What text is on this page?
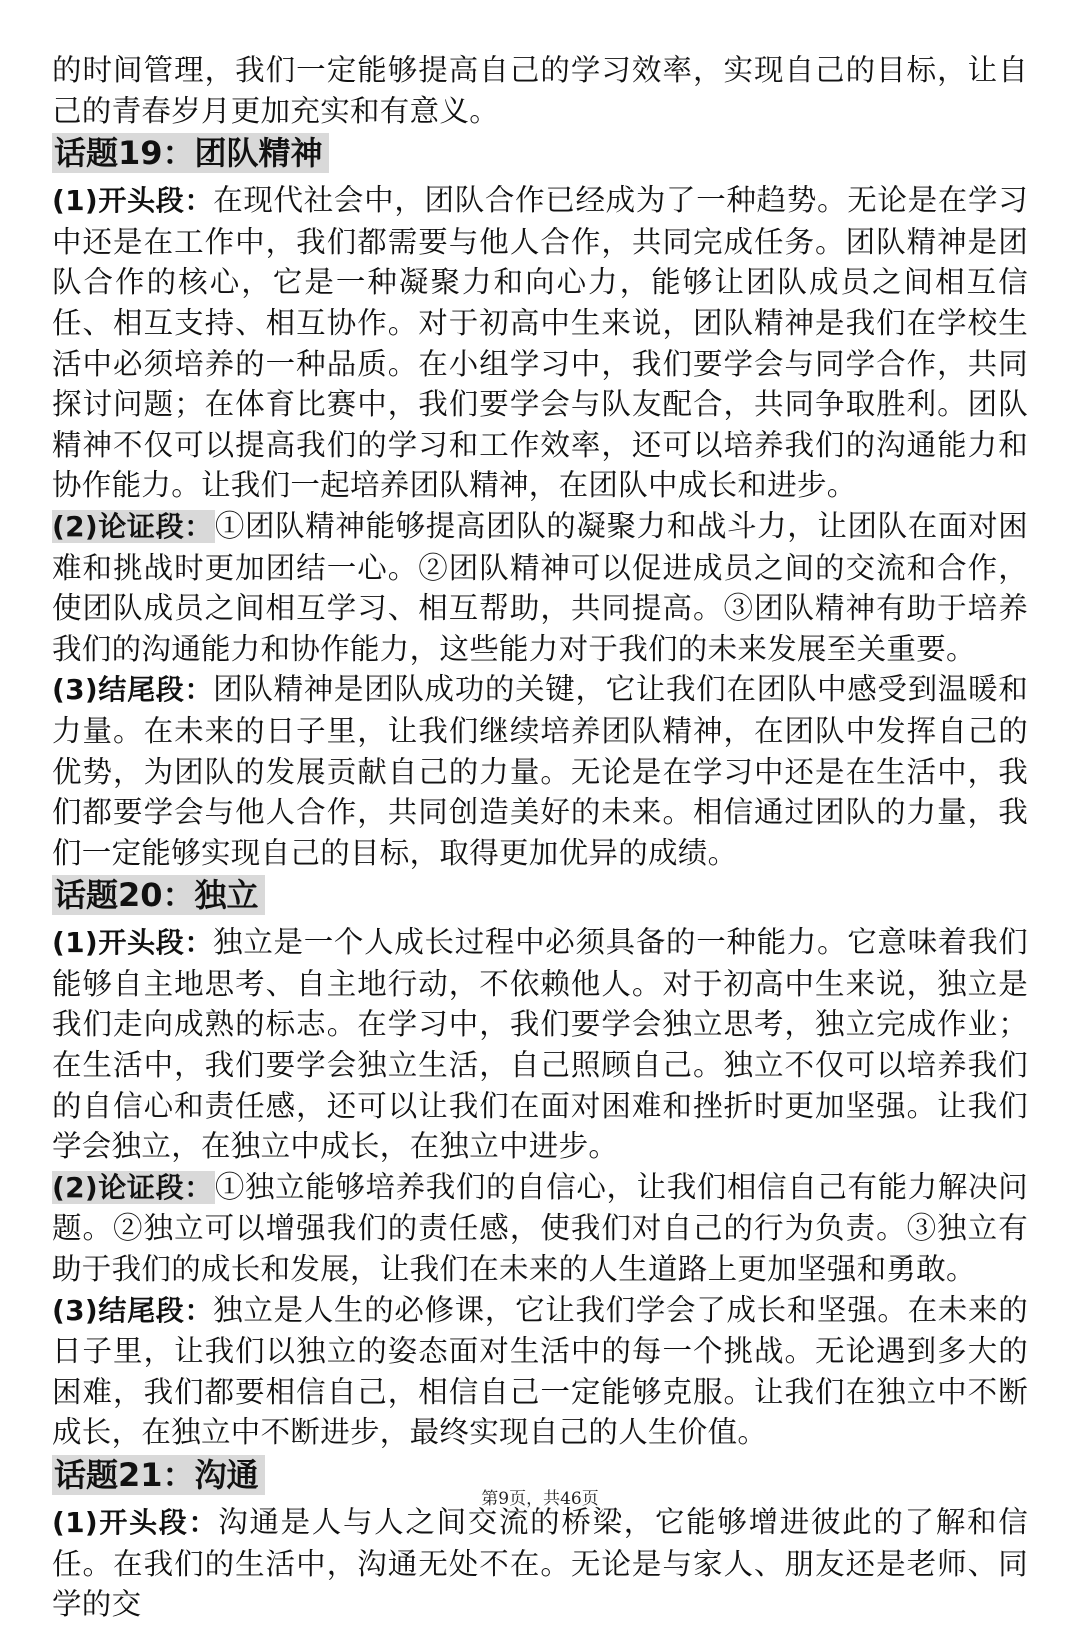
的时间管理，我们一定能够提高自己的学习效率，实现自己的目标，让自己的青春岁月更加充实和有意义。

话题19：团队精神

(1)开头段：在现代社会中，团队合作已经成为了一种趋势。无论是在学习中还是在工作中，我们都需要与他人合作，共同完成任务。团队精神是团队合作的核心，它是一种凝聚力和向心力，能够让团队成员之间相互信任、相互支持、相互协作。对于初高中生来说，团队精神是我们在学校生活中必须培养的一种品质。在小组学习中，我们要学会与同学合作，共同探讨问题；在体育比赛中，我们要学会与队友配合，共同争取胜利。团队精神不仅可以提高我们的学习和工作效率，还可以培养我们的沟通能力和协作能力。让我们一起培养团队精神，在团队中成长和进步。

(2)论证段：①团队精神能够提高团队的凝聚力和战斗力，让团队在面对困难和挑战时更加团结一心。②团队精神可以促进成员之间的交流和合作，使团队成员之间相互学习、相互帮助，共同提高。③团队精神有助于培养我们的沟通能力和协作能力，这些能力对于我们的未来发展至关重要。

(3)结尾段：团队精神是团队成功的关键，它让我们在团队中感受到温暖和力量。在未来的日子里，让我们继续培养团队精神，在团队中发挥自己的优势，为团队的发展贡献自己的力量。无论是在学习中还是在生活中，我们都要学会与他人合作，共同创造美好的未来。相信通过团队的力量，我们一定能够实现自己的目标，取得更加优异的成绩。

话题20：独立

(1)开头段：独立是一个人成长过程中必须具备的一种能力。它意味着我们能够自主地思考、自主地行动，不依赖他人。对于初高中生来说，独立是我们走向成熟的标志。在学习中，我们要学会独立思考，独立完成作业；在生活中，我们要学会独立生活，自己照顾自己。独立不仅可以培养我们的自信心和责任感，还可以让我们在面对困难和挫折时更加坚强。让我们学会独立，在独立中成长，在独立中进步。

(2)论证段：①独立能够培养我们的自信心，让我们相信自己有能力解决问题。②独立可以增强我们的责任感，使我们对自己的行为负责。③独立有助于我们的成长和发展，让我们在未来的人生道路上更加坚强和勇敢。

(3)结尾段：独立是人生的必修课，它让我们学会了成长和坚强。在未来的日子里，让我们以独立的姿态面对生活中的每一个挑战。无论遇到多大的困难，我们都要相信自己，相信自己一定能够克服。让我们在独立中不断成长，在独立中不断进步，最终实现自己的人生价值。

话题21：沟通

(1)开头段：沟通是人与人之间交流的桥梁，它能够增进彼此的了解和信任。在我们的生活中，沟通无处不在。无论是与家人、朋友还是老师、同学的交

第9页，共46页
